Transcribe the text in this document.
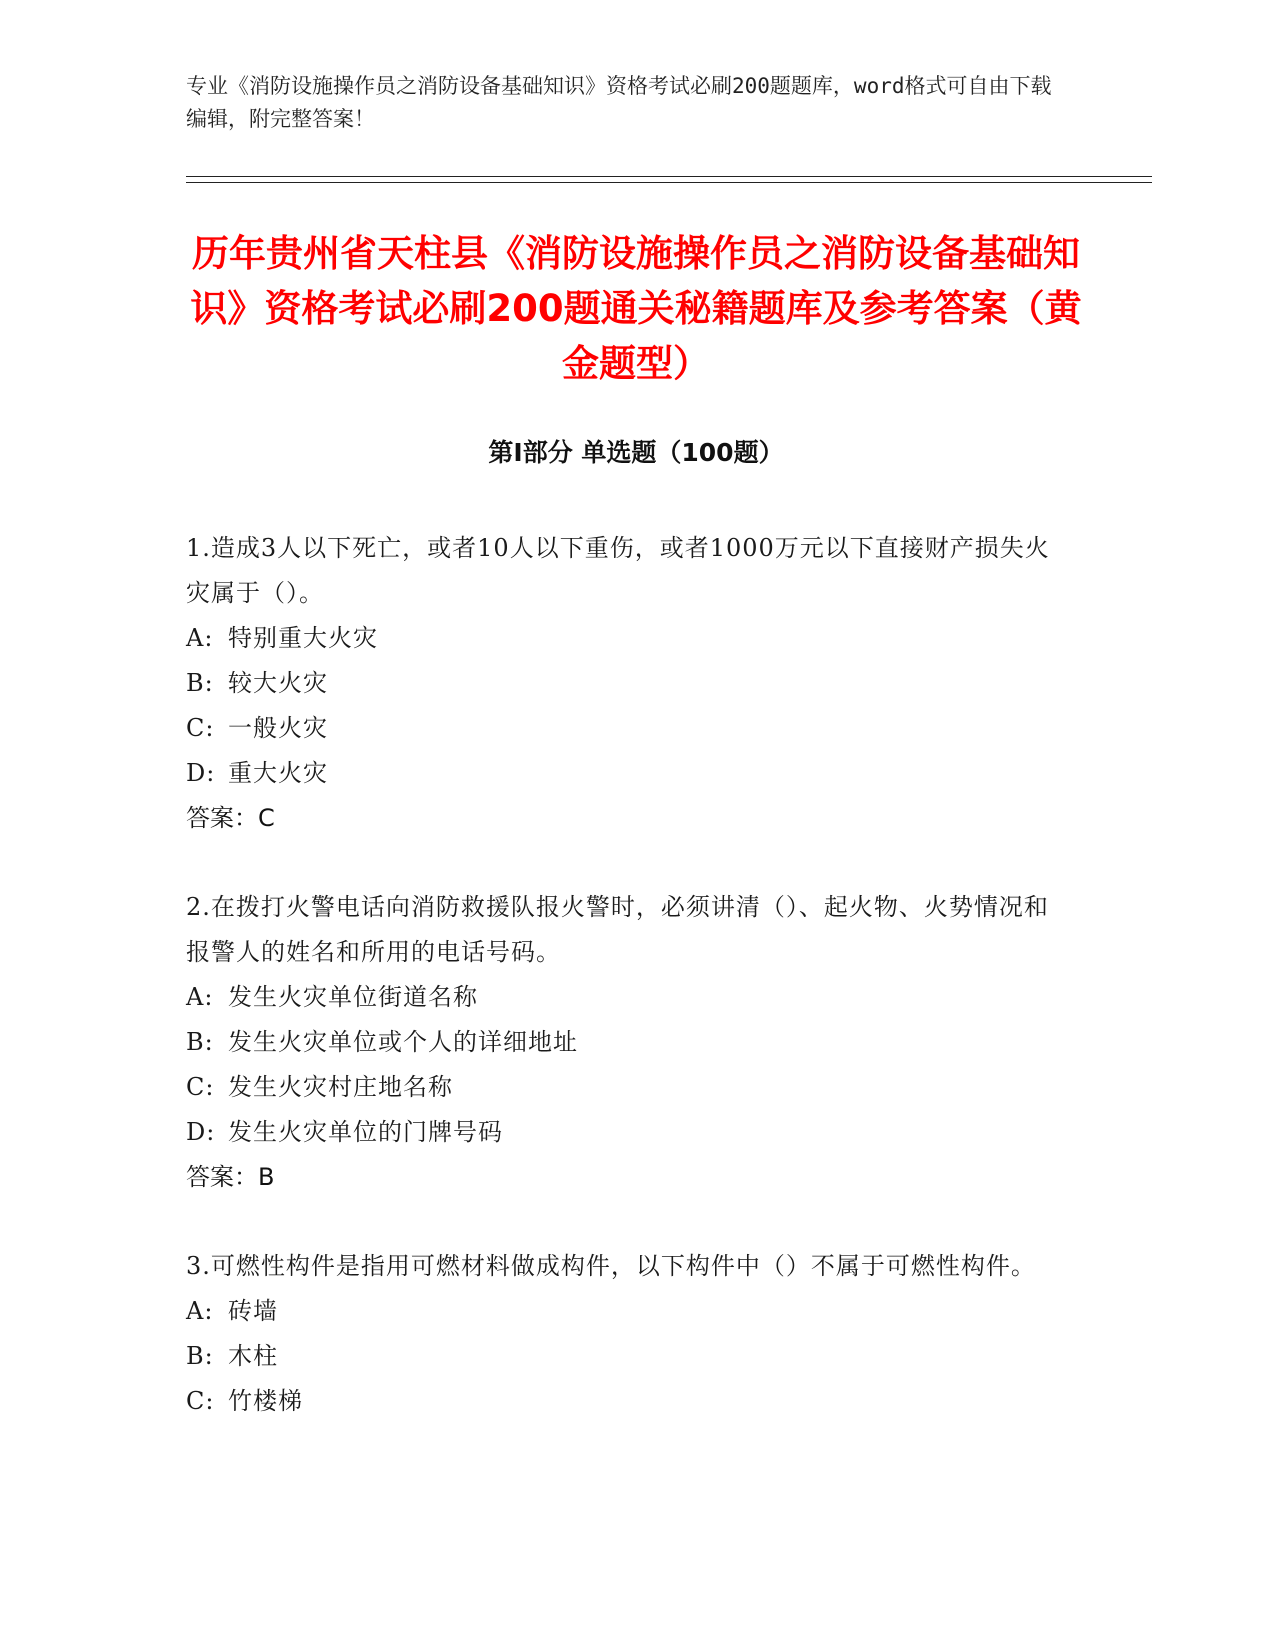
专业《消防设施操作员之消防设备基础知识》资格考试必刷200题题库，word格式可自由下载编辑，附完整答案！
历年贵州省天柱县《消防设施操作员之消防设备基础知识》资格考试必刷200题通关秘籍题库及参考答案（黄金题型）
第I部分 单选题（100题）
1.造成3人以下死亡，或者10人以下重伤，或者1000万元以下直接财产损失火灾属于（）。
A: 特别重大火灾
B: 较大火灾
C: 一般火灾
D: 重大火灾
答案：C
2.在拨打火警电话向消防救援队报火警时，必须讲清（）、起火物、火势情况和报警人的姓名和所用的电话号码。
A: 发生火灾单位街道名称
B: 发生火灾单位或个人的详细地址
C: 发生火灾村庄地名称
D: 发生火灾单位的门牌号码
答案：B
3.可燃性构件是指用可燃材料做成构件，以下构件中（）不属于可燃性构件。
A: 砖墙
B: 木柱
C: 竹楼梯
